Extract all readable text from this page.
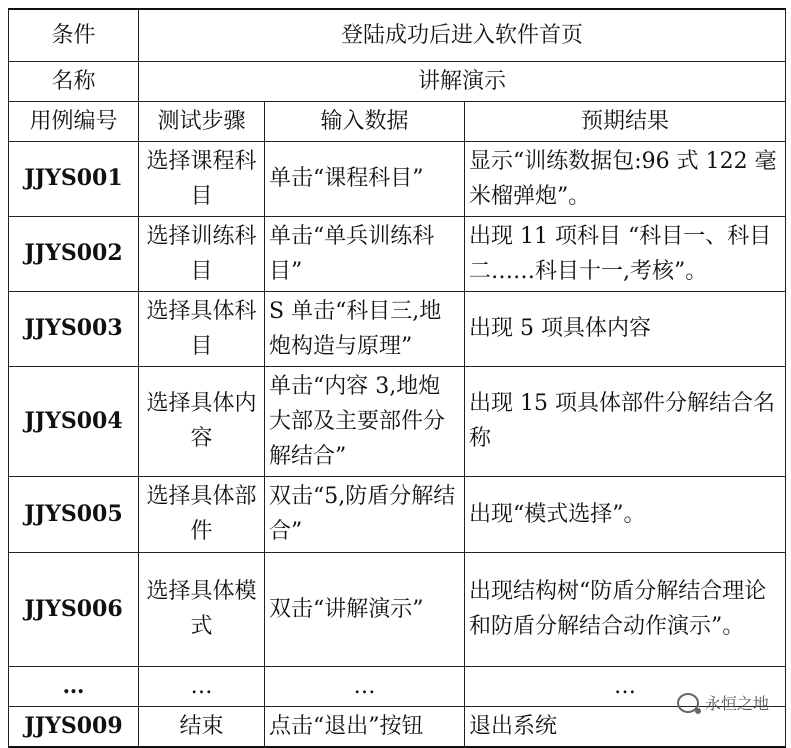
条件	登陆成功后进入软件首页		
名称	讲解演示		
用例编号	测试步骤	输入数据	预期结果
JJYS001	选择课程科目	单击“课程科目”	显示“训练数据包:96 式 122 毫米榴弹炮”。
JJYS002	选择训练科目	单击“单兵训练科目”	出现 11 项科目 “科目一、科目二……科目十一,考核”。
JJYS003	选择具体科目	S 单击“科目三,地炮构造与原理”	出现 5 项具体内容
JJYS004	选择具体内容	单击“内容 3,地炮大部及主要部件分解结合”	出现 15 项具体部件分解结合名称
JJYS005	选择具体部件	双击“5,防盾分解结合”	出现“模式选择”。
JJYS006	选择具体模式	双击“讲解演示”	出现结构树“防盾分解结合理论和防盾分解结合动作演示”。
…	…	…	…
JJYS009	结束	点击“退出”按钮	退出系统
永恒之地
